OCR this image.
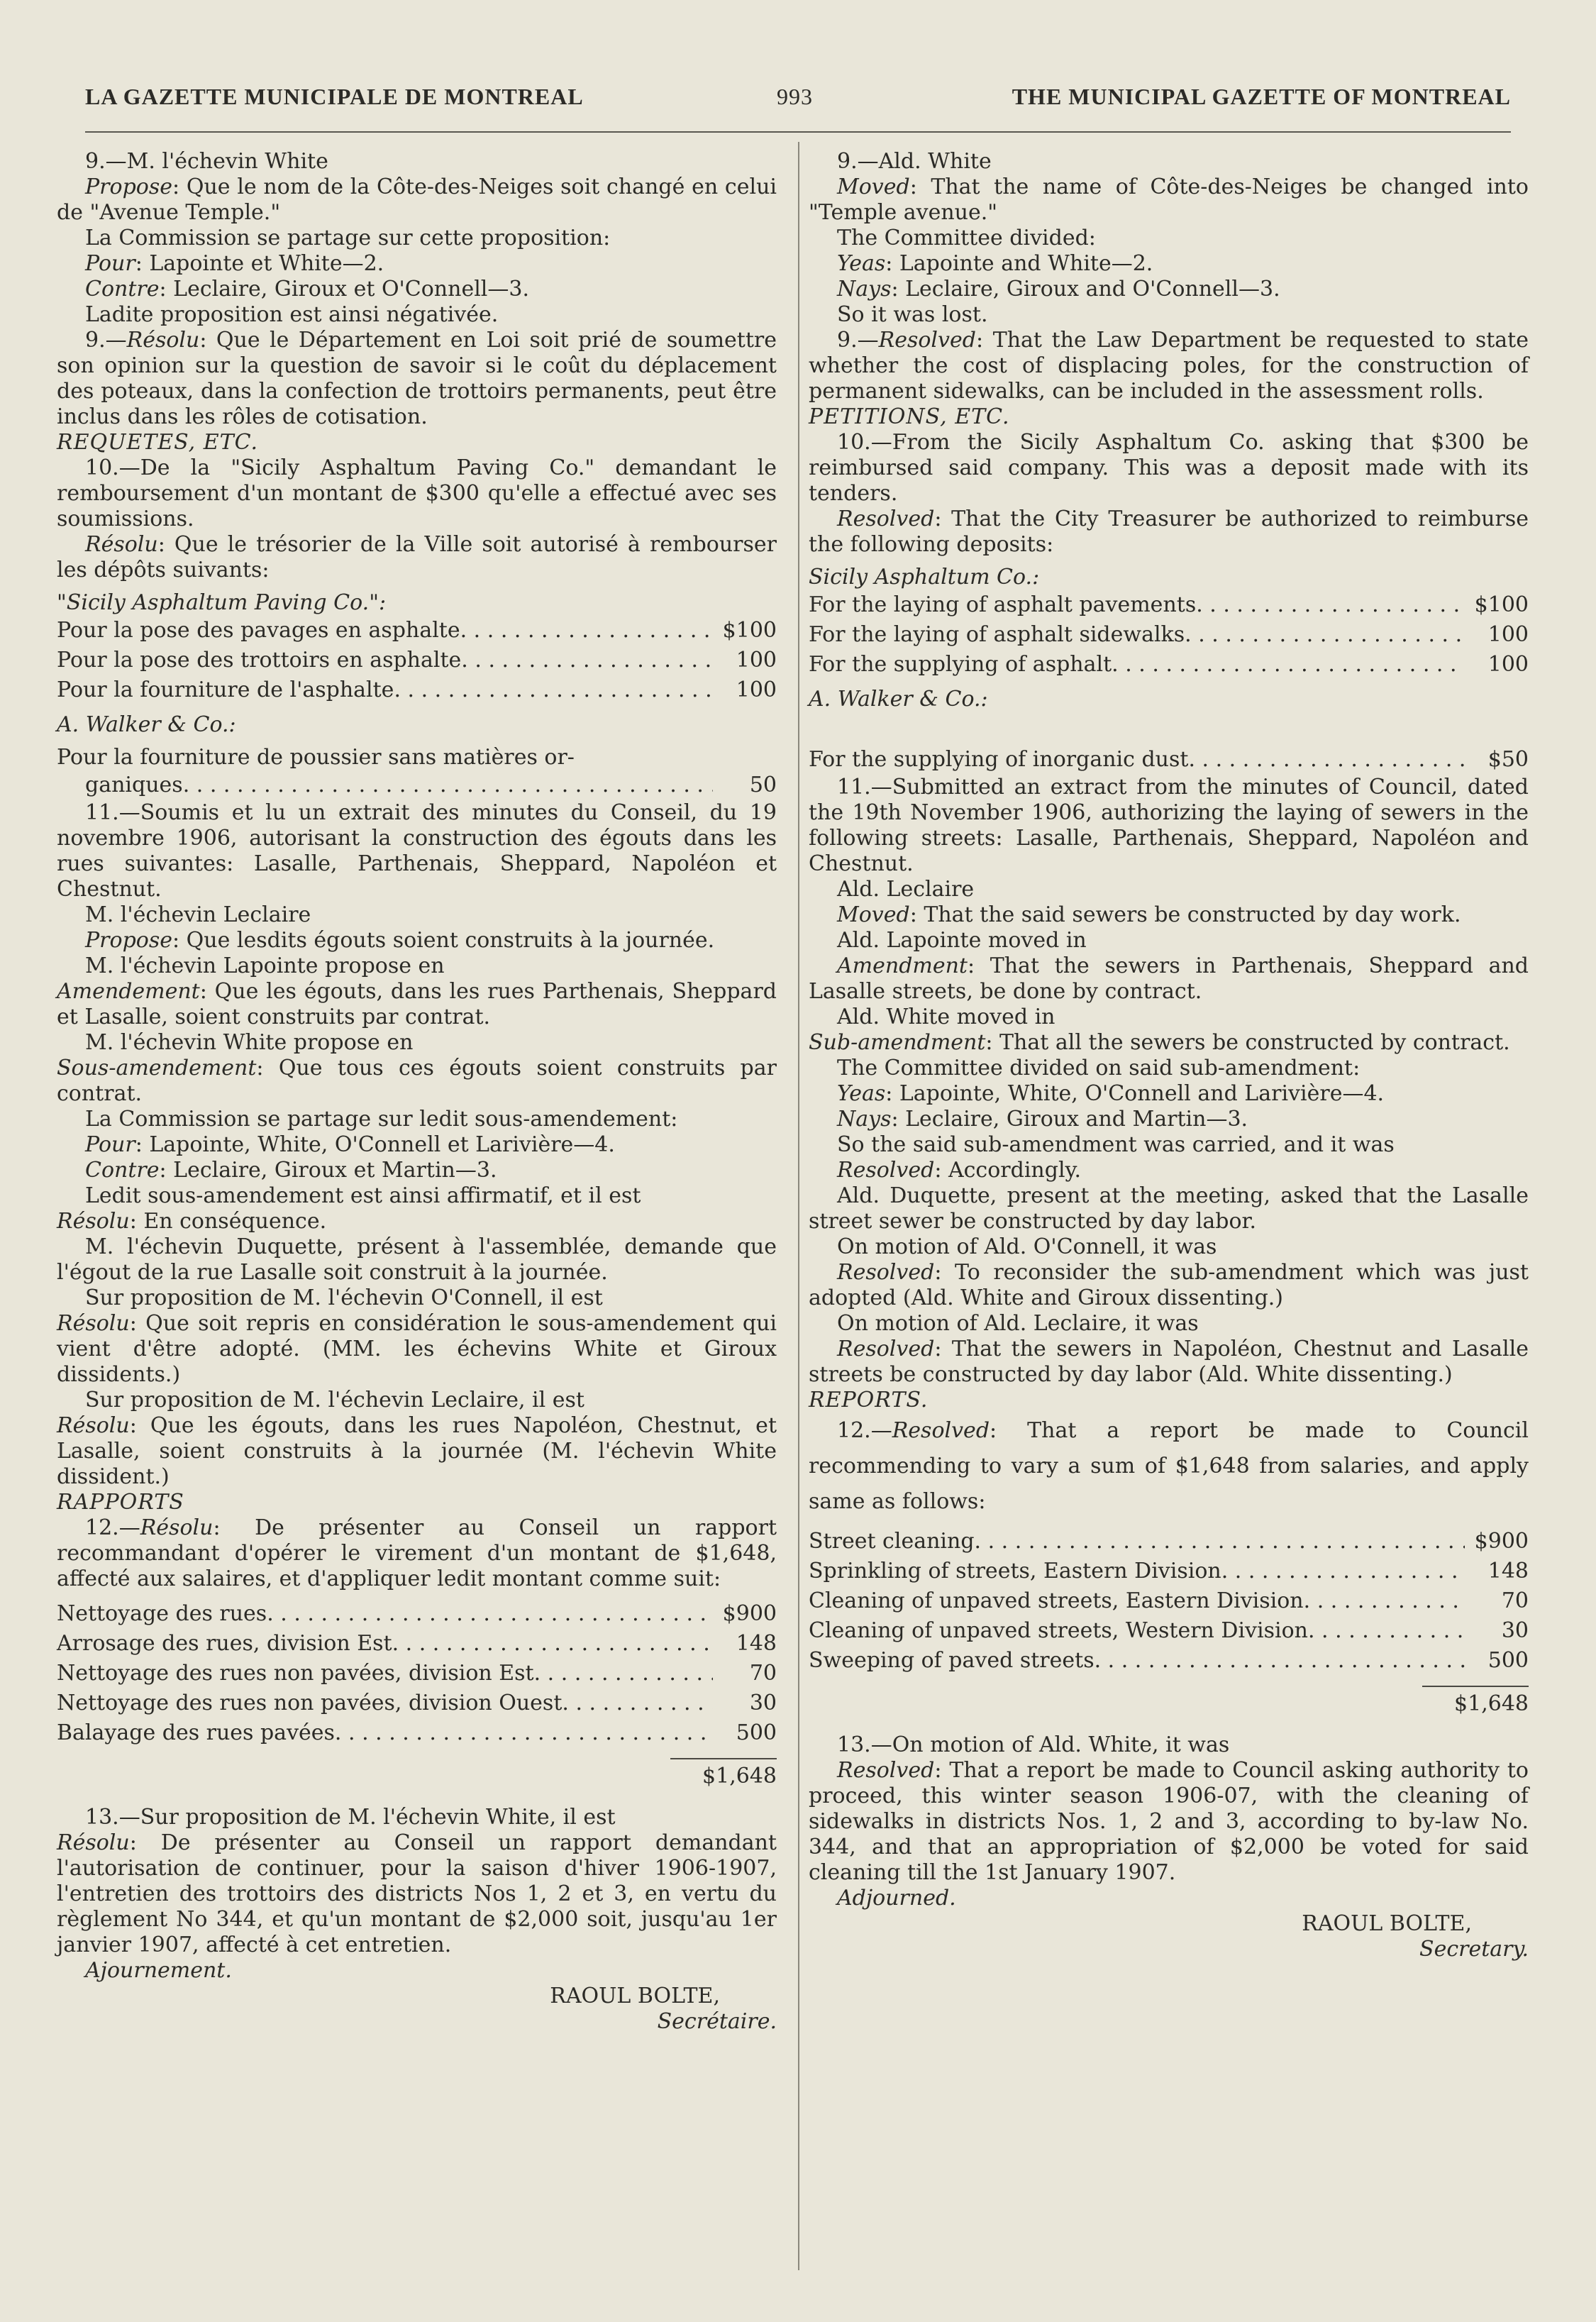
LA GAZETTE MUNICIPALE DE MONTREAL	993	THE MUNICIPAL GAZETTE OF MONTREAL

9.—M. l'échevin White

Propose: Que le nom de la Côte-des-Neiges soit changé en celui de "Avenue Temple."

La Commission se partage sur cette proposition:

Pour: Lapointe et White—2.

Contre: Leclaire, Giroux et O'Connell—3.

Ladite proposition est ainsi négativée.

9.—Résolu: Que le Département en Loi soit prié de soumettre son opinion sur la question de savoir si le coût du déplacement des poteaux, dans la confection de trottoirs permanents, peut être inclus dans les rôles de cotisation.

REQUETES, ETC.

10.—De la "Sicily Asphaltum Paving Co." demandant le remboursement d'un montant de $300 qu'elle a effectué avec ses soumissions.

Résolu: Que le trésorier de la Ville soit autorisé à rembourser les dépôts suivants:

"Sicily Asphaltum Paving Co.":

Pour la pose des pavages en asphalte . . .	$100
Pour la pose des trottoirs en asphalte . . .	100
Pour la fourniture de l'asphalte . . .	100

A. Walker & Co.:

Pour la fourniture de poussier sans matières or-

ganiques . . .	50

11.—Soumis et lu un extrait des minutes du Conseil, du 19 novembre 1906, autorisant la construction des égouts dans les rues suivantes: Lasalle, Parthenais, Sheppard, Napoléon et Chestnut.

M. l'échevin Leclaire

Propose: Que lesdits égouts soient construits à la journée.

M. l'échevin Lapointe propose en

Amendement: Que les égouts, dans les rues Parthenais, Sheppard et Lasalle, soient construits par contrat.

M. l'échevin White propose en

Sous-amendement: Que tous ces égouts soient construits par contrat.

La Commission se partage sur ledit sous-amendement:

Pour: Lapointe, White, O'Connell et Larivière—4.

Contre: Leclaire, Giroux et Martin—3.

Ledit sous-amendement est ainsi affirmatif, et il est

Résolu: En conséquence.

M. l'échevin Duquette, présent à l'assemblée, demande que l'égout de la rue Lasalle soit construit à la journée.

Sur proposition de M. l'échevin O'Connell, il est

Résolu: Que soit repris en considération le sous-amendement qui vient d'être adopté. (MM. les échevins White et Giroux dissidents.)

Sur proposition de M. l'échevin Leclaire, il est

Résolu: Que les égouts, dans les rues Napoléon, Chestnut, et Lasalle, soient construits à la journée (M. l'échevin White dissident.)

RAPPORTS

12.—Résolu: De présenter au Conseil un rapport recommandant d'opérer le virement d'un montant de $1,648, affecté aux salaires, et d'appliquer ledit montant comme suit:

Nettoyage des rues . . .	$900
Arrosage des rues, division Est . . .	148
Nettoyage des rues non pavées, division Est . . .	70
Nettoyage des rues non pavées, division Ouest . . .	30
Balayage des rues pavées . . .	500

$1,648

13.—Sur proposition de M. l'échevin White, il est

Résolu: De présenter au Conseil un rapport demandant l'autorisation de continuer, pour la saison d'hiver 1906-1907, l'entretien des trottoirs des districts Nos 1, 2 et 3, en vertu du règlement No 344, et qu'un montant de $2,000 soit, jusqu'au 1er janvier 1907, affecté à cet entretien.

Ajournement.

RAOUL BOLTE,

Secrétaire.

9.—Ald. White

Moved: That the name of Côte-des-Neiges be changed into "Temple avenue."

The Committee divided:

Yeas: Lapointe and White—2.

Nays: Leclaire, Giroux and O'Connell—3.

So it was lost.

9.—Resolved: That the Law Department be requested to state whether the cost of displacing poles, for the construction of permanent sidewalks, can be included in the assessment rolls.

PETITIONS, ETC.

10.—From the Sicily Asphaltum Co. asking that $300 be reimbursed said company. This was a deposit made with its tenders.

Resolved: That the City Treasurer be authorized to reimburse the following deposits:

Sicily Asphaltum Co.:

For the laying of asphalt pavements . . .	$100
For the laying of asphalt sidewalks . . .	100
For the supplying of asphalt . . .	100

A. Walker & Co.:

For the supplying of inorganic dust . . .	$50

11.—Submitted an extract from the minutes of Council, dated the 19th November 1906, authorizing the laying of sewers in the following streets: Lasalle, Parthenais, Sheppard, Napoléon and Chestnut.

Ald. Leclaire

Moved: That the said sewers be constructed by day work.

Ald. Lapointe moved in

Amendment: That the sewers in Parthenais, Sheppard and Lasalle streets, be done by contract.

Ald. White moved in

Sub-amendment: That all the sewers be constructed by contract.

The Committee divided on said sub-amendment:

Yeas: Lapointe, White, O'Connell and Larivière—4.

Nays: Leclaire, Giroux and Martin—3.

So the said sub-amendment was carried, and it was

Resolved: Accordingly.

Ald. Duquette, present at the meeting, asked that the Lasalle street sewer be constructed by day labor.

On motion of Ald. O'Connell, it was

Resolved: To reconsider the sub-amendment which was just adopted (Ald. White and Giroux dissenting.)

On motion of Ald. Leclaire, it was

Resolved: That the sewers in Napoléon, Chestnut and Lasalle streets be constructed by day labor (Ald. White dissenting.)

REPORTS.

12.—Resolved: That a report be made to Council recommending to vary a sum of $1,648 from salaries, and apply same as follows:

Street cleaning . . .	$900
Sprinkling of streets, Eastern Division . . .	148
Cleaning of unpaved streets, Eastern Division . . .	70
Cleaning of unpaved streets, Western Division . . .	30
Sweeping of paved streets . . .	500

$1,648

13.—On motion of Ald. White, it was

Resolved: That a report be made to Council asking authority to proceed, this winter season 1906-07, with the cleaning of sidewalks in districts Nos. 1, 2 and 3, according to by-law No. 344, and that an appropriation of $2,000 be voted for said cleaning till the 1st January 1907.

Adjourned.

RAOUL BOLTE,

Secretary.
